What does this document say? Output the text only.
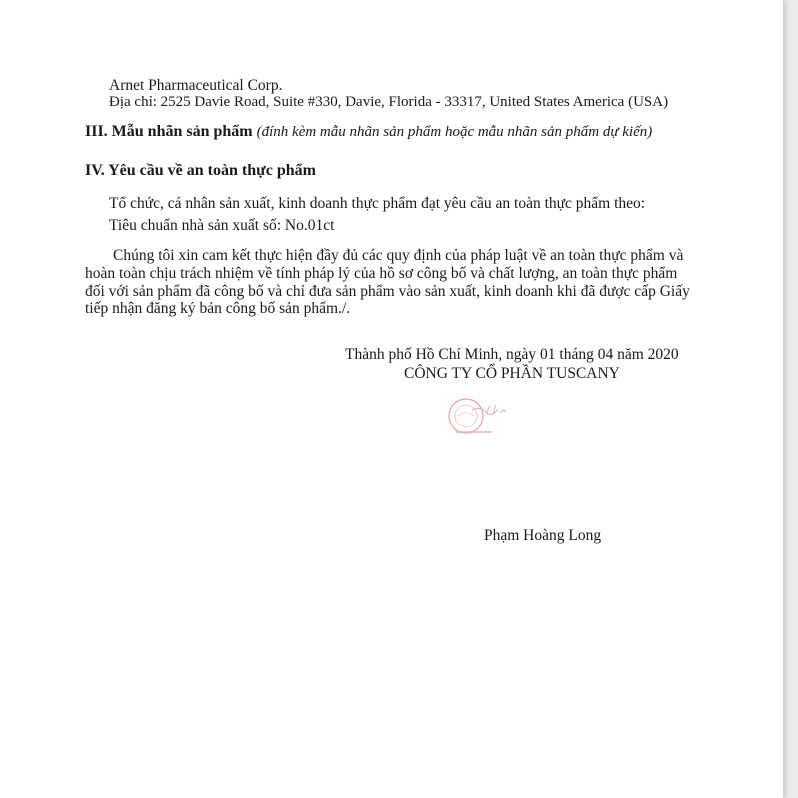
Arnet Pharmaceutical Corp.
Địa chỉ: 2525 Davie Road, Suite #330, Davie, Florida - 33317, United States America (USA)
III. Mẫu nhãn sản phẩm (đính kèm mẫu nhãn sản phẩm hoặc mẫu nhãn sản phẩm dự kiến)
IV. Yêu cầu về an toàn thực phẩm
Tổ chức, cá nhân sản xuất, kinh doanh thực phẩm đạt yêu cầu an toàn thực phẩm theo:
Tiêu chuẩn nhà sản xuất số: No.01ct
Chúng tôi xin cam kết thực hiện đầy đủ các quy định của pháp luật về an toàn thực phẩm và
hoàn toàn chịu trách nhiệm về tính pháp lý của hồ sơ công bố và chất lượng, an toàn thực phẩm
đối với sản phẩm đã công bố và chỉ đưa sản phẩm vào sản xuất, kinh doanh khi đã được cấp Giấy
tiếp nhận đăng ký bản công bố sản phẩm./.
Thành phố Hồ Chí Minh, ngày 01 tháng 04 năm 2020
CÔNG TY CỔ PHẦN TUSCANY
Phạm Hoàng Long
